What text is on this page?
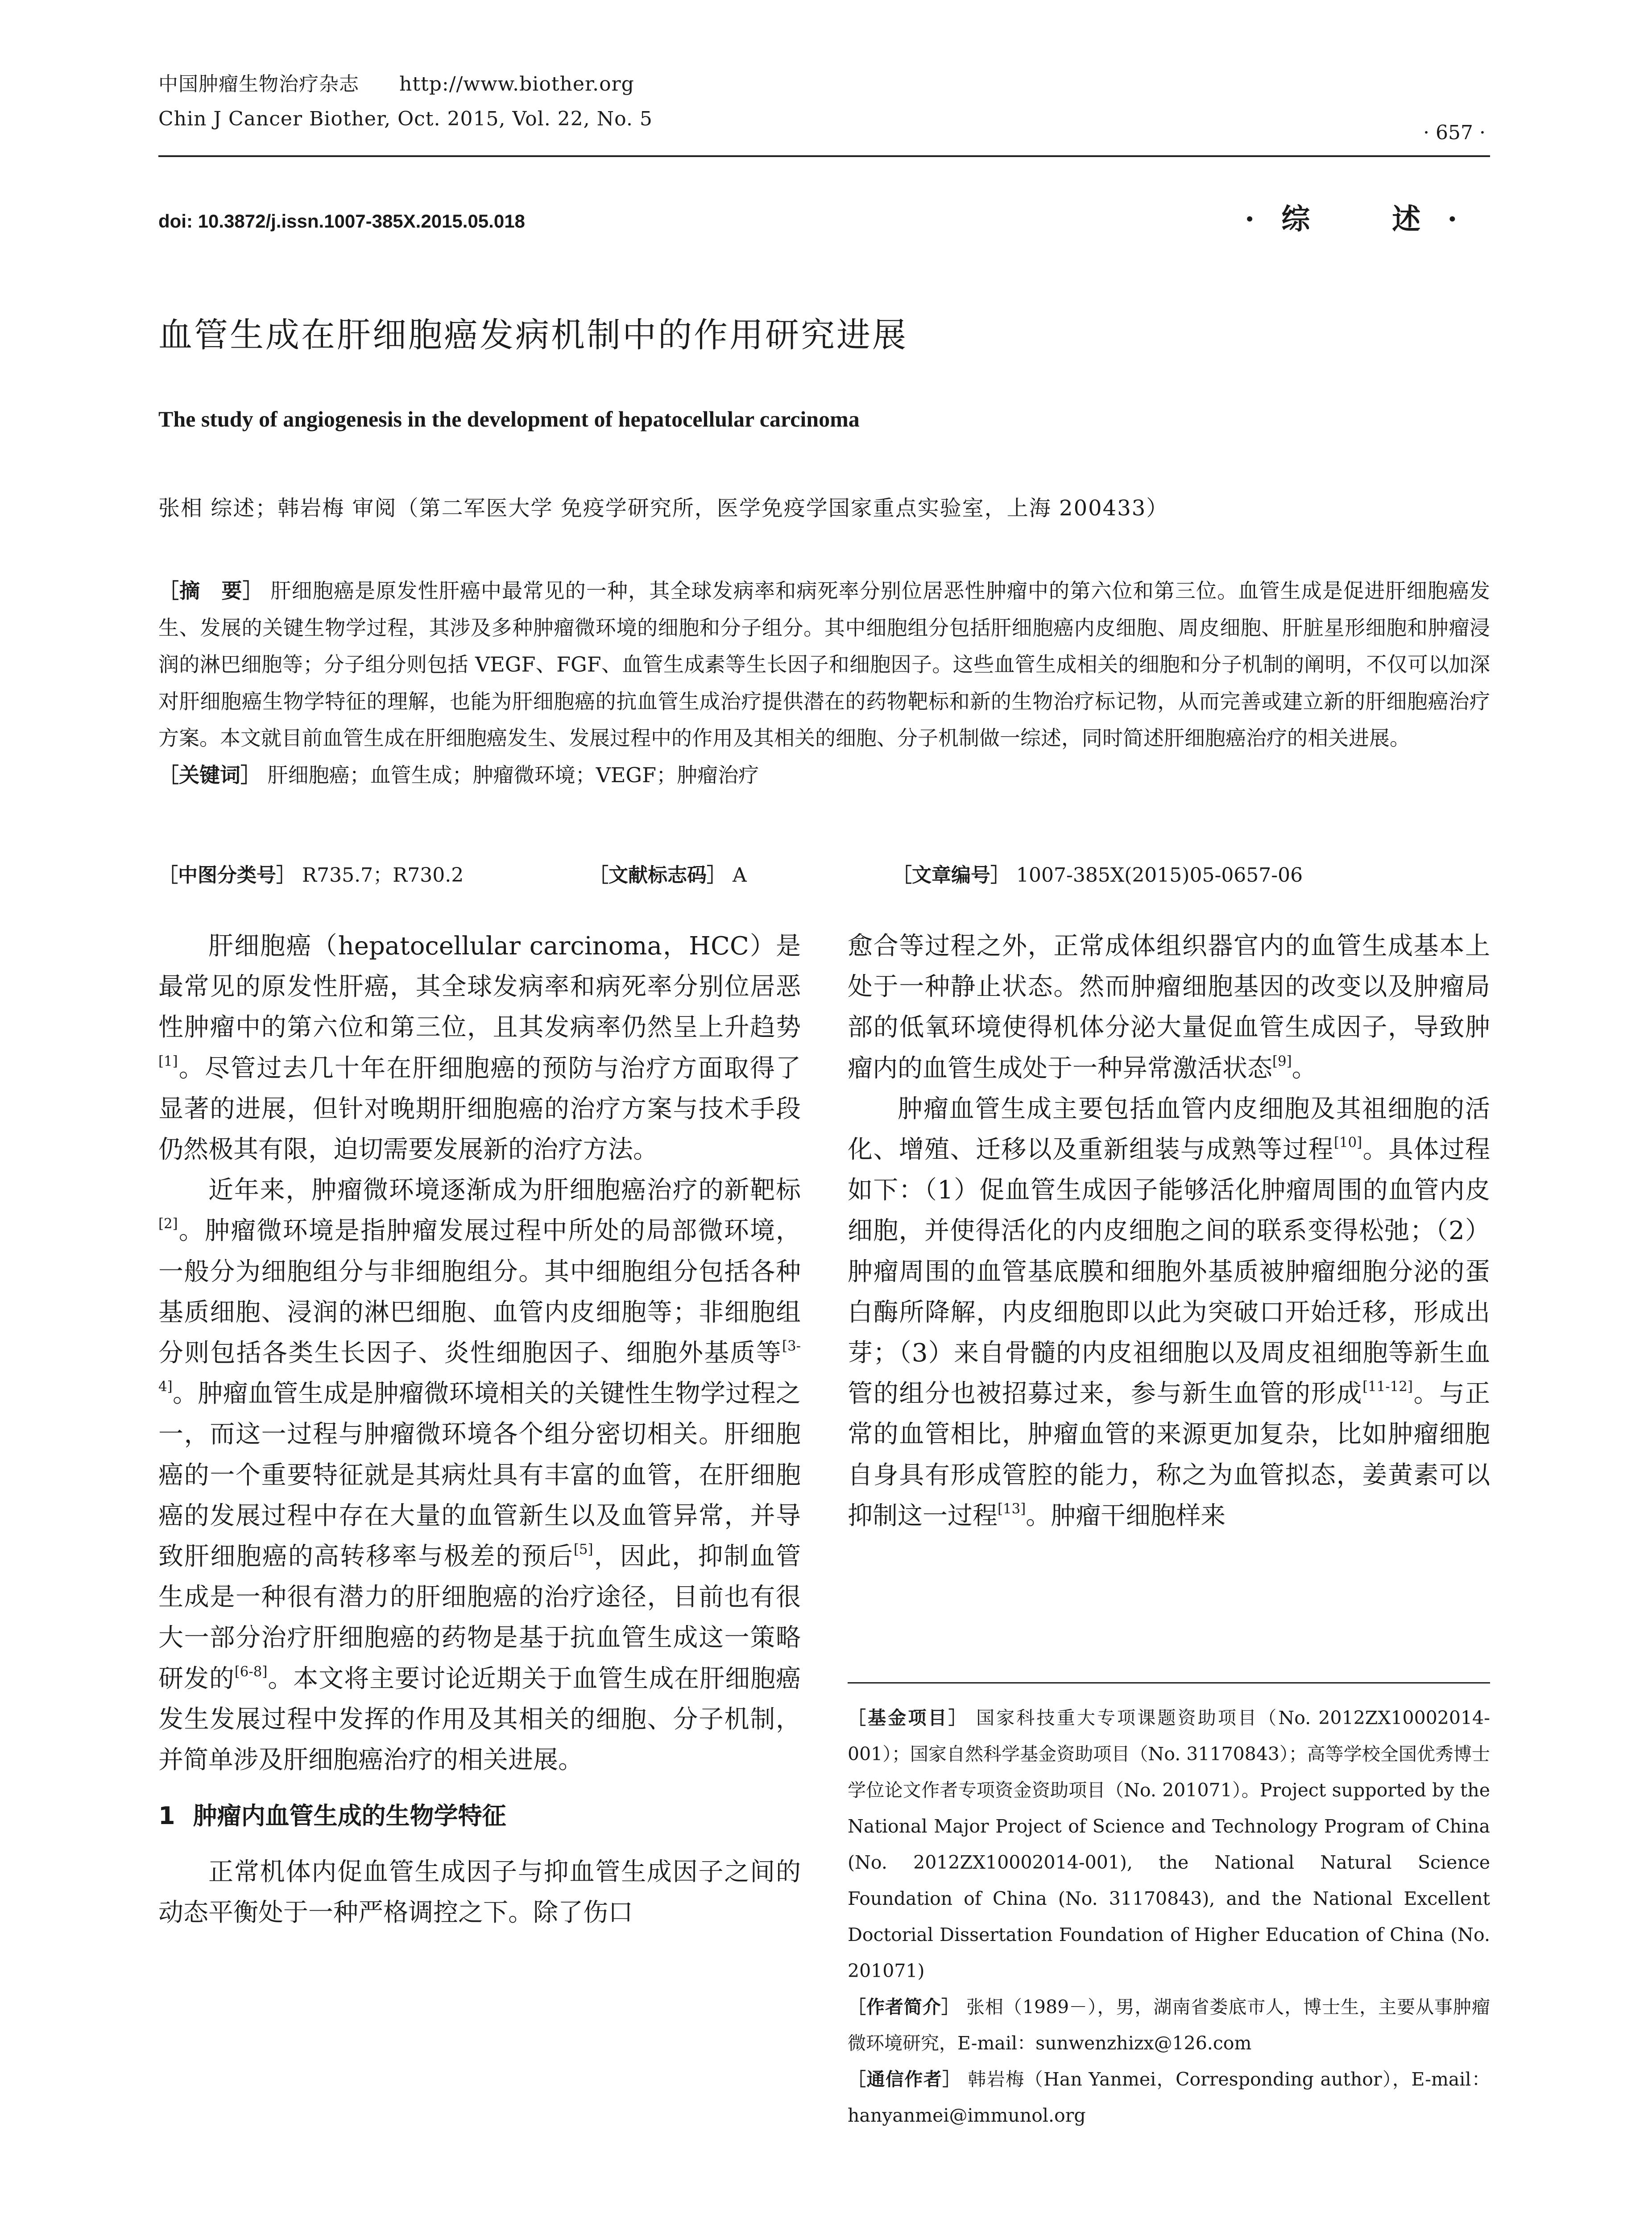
中国肿瘤生物治疗杂志 http://www.biother.org
Chin J Cancer Biother, Oct. 2015, Vol. 22, No. 5
· 657 ·
doi: 10.3872/j.issn.1007-385X.2015.05.018	·综　述·
血管生成在肝细胞癌发病机制中的作用研究进展
The study of angiogenesis in the development of hepatocellular carcinoma
张相 综述；韩岩梅 审阅（第二军医大学 免疫学研究所，医学免疫学国家重点实验室，上海 200433）

［摘　要］ 肝细胞癌是原发性肝癌中最常见的一种，其全球发病率和病死率分别位居恶性肿瘤中的第六位和第三位。血管生成是促进肝细胞癌发生、发展的关键生物学过程，其涉及多种肿瘤微环境的细胞和分子组分。其中细胞组分包括肝细胞癌内皮细胞、周皮细胞、肝脏星形细胞和肿瘤浸润的淋巴细胞等；分子组分则包括 VEGF、FGF、血管生成素等生长因子和细胞因子。这些血管生成相关的细胞和分子机制的阐明，不仅可以加深对肝细胞癌生物学特征的理解，也能为肝细胞癌的抗血管生成治疗提供潜在的药物靶标和新的生物治疗标记物，从而完善或建立新的肝细胞癌治疗方案。本文就目前血管生成在肝细胞癌发生、发展过程中的作用及其相关的细胞、分子机制做一综述，同时简述肝细胞癌治疗的相关进展。

［关键词］ 肝细胞癌；血管生成；肿瘤微环境；VEGF；肿瘤治疗

［中图分类号］ R735.7；R730.2	［文献标志码］ A	［文章编号］ 1007-385X(2015)05-0657-06

肝细胞癌（hepatocellular carcinoma，HCC）是最常见的原发性肝癌，其全球发病率和病死率分别位居恶性肿瘤中的第六位和第三位，且其发病率仍然呈上升趋势[1]。尽管过去几十年在肝细胞癌的预防与治疗方面取得了显著的进展，但针对晚期肝细胞癌的治疗方案与技术手段仍然极其有限，迫切需要发展新的治疗方法。

近年来，肿瘤微环境逐渐成为肝细胞癌治疗的新靶标[2]。肿瘤微环境是指肿瘤发展过程中所处的局部微环境，一般分为细胞组分与非细胞组分。其中细胞组分包括各种基质细胞、浸润的淋巴细胞、血管内皮细胞等；非细胞组分则包括各类生长因子、炎性细胞因子、细胞外基质等[3-4]。肿瘤血管生成是肿瘤微环境相关的关键性生物学过程之一，而这一过程与肿瘤微环境各个组分密切相关。肝细胞癌的一个重要特征就是其病灶具有丰富的血管，在肝细胞癌的发展过程中存在大量的血管新生以及血管异常，并导致肝细胞癌的高转移率与极差的预后[5]，因此，抑制血管生成是一种很有潜力的肝细胞癌的治疗途径，目前也有很大一部分治疗肝细胞癌的药物是基于抗血管生成这一策略研发的[6-8]。本文将主要讨论近期关于血管生成在肝细胞癌发生发展过程中发挥的作用及其相关的细胞、分子机制，并简单涉及肝细胞癌治疗的相关进展。

1 肿瘤内血管生成的生物学特征

正常机体内促血管生成因子与抑血管生成因子之间的动态平衡处于一种严格调控之下。除了伤口

愈合等过程之外，正常成体组织器官内的血管生成基本上处于一种静止状态。然而肿瘤细胞基因的改变以及肿瘤局部的低氧环境使得机体分泌大量促血管生成因子，导致肿瘤内的血管生成处于一种异常激活状态[9]。

肿瘤血管生成主要包括血管内皮细胞及其祖细胞的活化、增殖、迁移以及重新组装与成熟等过程[10]。具体过程如下：（1）促血管生成因子能够活化肿瘤周围的血管内皮细胞，并使得活化的内皮细胞之间的联系变得松弛；（2）肿瘤周围的血管基底膜和细胞外基质被肿瘤细胞分泌的蛋白酶所降解，内皮细胞即以此为突破口开始迁移，形成出芽；（3）来自骨髓的内皮祖细胞以及周皮祖细胞等新生血管的组分也被招募过来，参与新生血管的形成[11-12]。与正常的血管相比，肿瘤血管的来源更加复杂，比如肿瘤细胞自身具有形成管腔的能力，称之为血管拟态，姜黄素可以抑制这一过程[13]。肿瘤干细胞样来

［基金项目］ 国家科技重大专项课题资助项目（No. 2012ZX10002014-001）；国家自然科学基金资助项目（No. 31170843）；高等学校全国优秀博士学位论文作者专项资金资助项目（No. 201071）。Project supported by the National Major Project of Science and Technology Program of China (No. 2012ZX10002014-001), the National Natural Science Foundation of China (No. 31170843), and the National Excellent Doctorial Dissertation Foundation of Higher Education of China (No. 201071)

［作者简介］ 张相（1989－），男，湖南省娄底市人，博士生，主要从事肿瘤微环境研究，E-mail：sunwenzhizx@126.com

［通信作者］ 韩岩梅（Han Yanmei，Corresponding author），E-mail：hanyanmei@immunol.org
